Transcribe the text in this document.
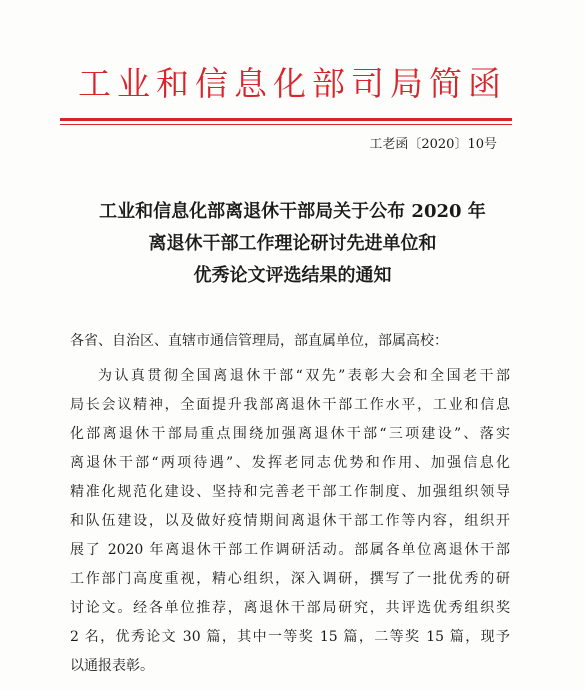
工业和信息化部司局简函
工老函〔2020〕10号
工业和信息化部离退休干部局关于公布 2020 年
离退休干部工作理论研讨先进单位和
优秀论文评选结果的通知
各省、自治区、直辖市通信管理局，部直属单位，部属高校：
为认真贯彻全国离退休干部“双先”表彰大会和全国老干部
局长会议精神，全面提升我部离退休干部工作水平，工业和信息
化部离退休干部局重点围绕加强离退休干部“三项建设”、落实
离退休干部“两项待遇”、发挥老同志优势和作用、加强信息化
精准化规范化建设、坚持和完善老干部工作制度、加强组织领导
和队伍建设，以及做好疫情期间离退休干部工作等内容，组织开
展了 2020 年离退休干部工作调研活动。部属各单位离退休干部
工作部门高度重视，精心组织，深入调研，撰写了一批优秀的研
讨论文。经各单位推荐，离退休干部局研究，共评选优秀组织奖
2 名，优秀论文 30 篇，其中一等奖 15 篇，二等奖 15 篇，现予
以通报表彰。
